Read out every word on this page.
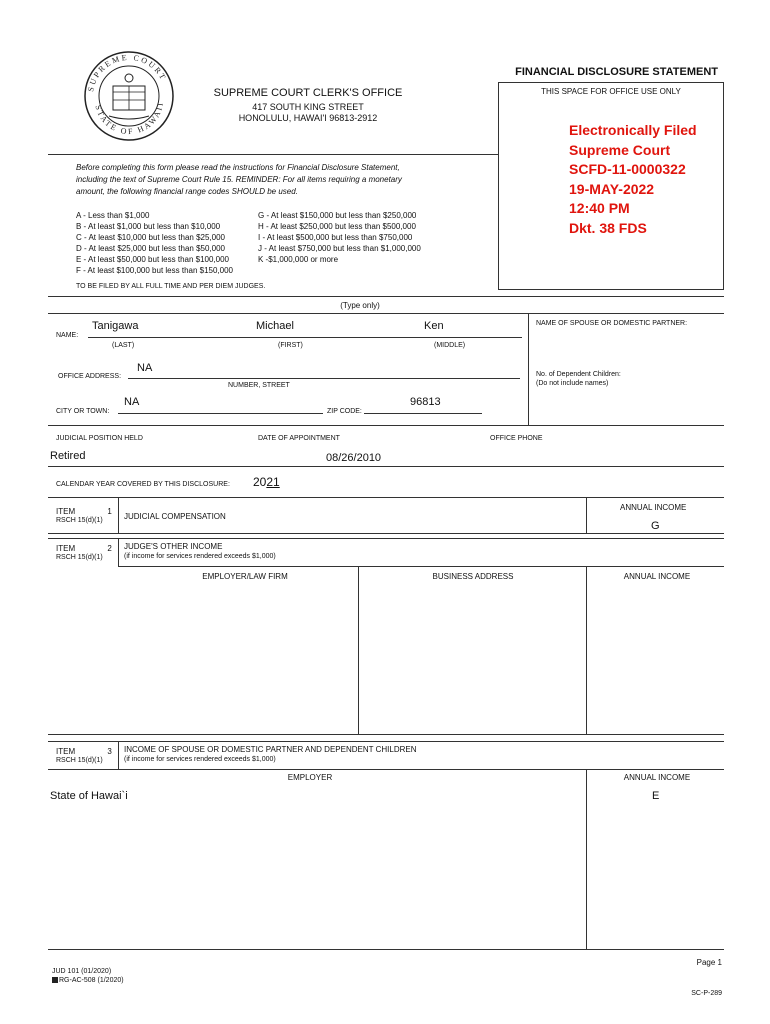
SUPREME COURT
STATE OF HAWAII
SUPREME COURT CLERK'S OFFICE
417 SOUTH KING STREET
HONOLULU, HAWAI'I 96813-2912
FINANCIAL DISCLOSURE STATEMENT
THIS SPACE FOR OFFICE USE ONLY
Electronically Filed
Supreme Court
SCFD-11-0000322
19-MAY-2022
12:40 PM
Dkt. 38 FDS
Before completing this form please read the instructions for Financial Disclosure Statement,
including the text of Supreme Court Rule 15. REMINDER: For all items requiring a monetary
amount, the following financial range codes SHOULD be used.
A - Less than $1,000
B - At least $1,000 but less than $10,000
C - At least $10,000 but less than $25,000
D - At least $25,000 but less than $50,000
E - At least $50,000 but less than $100,000
F - At least $100,000 but less than $150,000
G - At least $150,000 but less than $250,000
H - At least $250,000 but less than $500,000
I - At least $500,000 but less than $750,000
J - At least $750,000 but less than $1,000,000
K -$1,000,000 or more
TO BE FILED BY ALL FULL TIME AND PER DIEM JUDGES.
(Type only)
NAME OF SPOUSE OR DOMESTIC PARTNER:
No. of Dependent Children:
(Do not include names)
NAME:
Tanigawa	Michael	Ken
(LAST)	(FIRST)	(MIDDLE)
OFFICE ADDRESS:
NA
NUMBER, STREET
CITY OR TOWN:
NA
ZIP CODE:
96813
JUDICIAL POSITION HELD	DATE OF APPOINTMENT	OFFICE PHONE
Retired	08/26/2010
CALENDAR YEAR COVERED BY THIS DISCLOSURE: 2021
ITEM	1
RSCH 15(d)(1)	JUDICIAL COMPENSATION
ANNUAL INCOME
G
ITEM	2
RSCH 15(d)(1)
JUDGE'S OTHER INCOME
(if income for services rendered exceeds $1,000)
EMPLOYER/LAW FIRM	BUSINESS ADDRESS	ANNUAL INCOME
ITEM	3
RSCH 15(d)(1)
INCOME OF SPOUSE OR DOMESTIC PARTNER AND DEPENDENT CHILDREN
(if income for services rendered exceeds $1,000)
EMPLOYER	ANNUAL INCOME
State of Hawai`i	E
Page 1
JUD 101 (01/2020)
RG-AC-508 (1/2020)
SC-P-289
